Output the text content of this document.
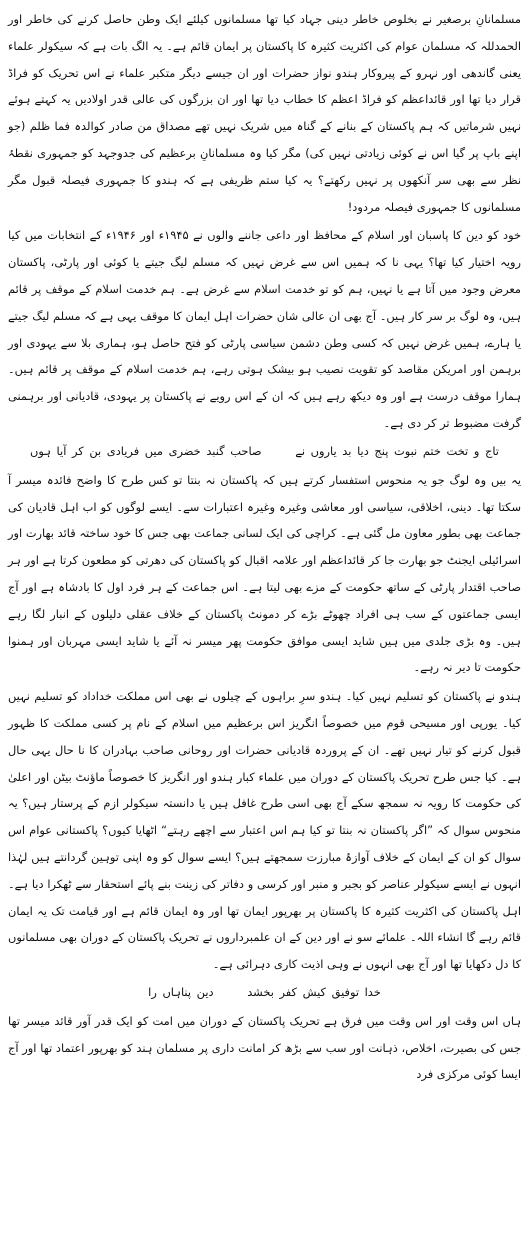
مسلمانانِ برصغیر نے بخلوص خاطر دینی جہاد کیا تھا مسلمانوں کیلئے ایک وطن حاصل کرنے کی خاطر اور الحمدللہ کہ مسلمان عوام کی اکثریت کثیرہ کا پاکستان پر ایمان قائم ہے۔ یہ الگ بات ہے کہ سیکولر علماء یعنی گاندھی اور نہرو کے پیروکار ہندو نواز حضرات اور ان جیسے دیگر متکبر علماء نے اس تحریک کو فراڈ قرار دیا تھا اور قائداعظم کو فراڈ اعظم کا خطاب دیا تھا اور ان بزرگوں کی عالی قدر اولادیں یہ کہتے ہوئے نہیں شرماتیں کہ ہم پاکستان کے بنانے کے گناہ میں شریک نہیں تھے مصداق من صادر کوالدہ فما ظلم (جو اپنے باپ پر گیا اس نے کوئی زیادتی نہیں کی) مگر کیا وہ مسلمانانِ برعظیم کی جدوجہد کو جمہوری نقطۂ نظر سے بھی سر آنکھوں پر نہیں رکھتے؟ یہ کیا ستم ظریفی ہے کہ ہندو کا جمہوری فیصلہ قبول مگر مسلمانوں کا جمہوری فیصلہ مردود!

خود کو دین کا پاسبان اور اسلام کے محافظ اور داعی جاننے والوں نے ۱۹۴۵ء اور ۱۹۴۶ء کے انتخابات میں کیا رویہ اختیار کیا تھا؟ یہی نا کہ ہمیں اس سے غرض نہیں کہ مسلم لیگ جیتے یا کوئی اور پارٹی، پاکستان معرض وجود میں آتا ہے یا نہیں، ہم کو تو خدمت اسلام سے غرض ہے۔ ہم خدمت اسلام کے موقف پر قائم ہیں، وہ لوگ بر سر کار ہیں۔ آج بھی ان عالی شان حضرات اہل ایمان کا موقف یہی ہے کہ مسلم لیگ جیتے یا ہارے، ہمیں غرض نہیں کہ کسی وطن دشمن سیاسی پارٹی کو فتح حاصل ہو، ہماری بلا سے یہودی اور برہمن اور امریکن مقاصد کو تقویت نصیب ہو بیشک ہوتی رہے، ہم خدمت اسلام کے موقف پر قائم ہیں۔ ہمارا موقف درست ہے اور وہ دیکھ رہے ہیں کہ ان کے اس رویے نے پاکستان پر یہودی، قادیانی اور برہمنی گرفت مضبوط تر کر دی ہے۔

تاج و تخت ختم نبوت پنج دیا بد یاروں نے صاحب گنبد خضری میں فریادی بن کر آیا ہوں

یہ بیں وہ لوگ جو یہ منحوس استفسار کرتے ہیں کہ پاکستان نہ بنتا تو کس طرح کا واضح فائدہ میسر آ سکتا تھا۔ دینی، اخلاقی، سیاسی اور معاشی وغیرہ وغیرہ اعتبارات سے۔ ایسے لوگوں کو اب اہل قادیان کی جماعت بھی بطور معاون مل گئی ہے۔ کراچی کی ایک لسانی جماعت بھی جس کا خود ساختہ قائد بھارت اور اسرائیلی ایجنٹ جو بھارت جا کر قائداعظم اور علامہ اقبال کو پاکستان کی دھرتی کو مطعون کرتا ہے اور ہر صاحب اقتدار پارٹی کے ساتھ حکومت کے مزے بھی لیتا ہے۔ اس جماعت کے ہر فرد اول کا بادشاہ ہے اور آج ایسی جماعتوں کے سب ہی افراد چھوٹے بڑے کر دمونٹ پاکستان کے خلاف عقلی دلیلوں کے انبار لگا رہے ہیں۔ وہ بڑی جلدی میں ہیں شاید ایسی موافق حکومت پھر میسر نہ آئے یا شاید ایسی مہربان اور ہمنوا حکومت تا دیر نہ رہے۔

ہندو نے پاکستان کو تسلیم نہیں کیا۔ ہندو سرِ براہوں کے چیلوں نے بھی اس مملکت خداداد کو تسلیم نہیں کیا۔ یورپی اور مسیحی قوم میں خصوصاً انگریز اس برعظیم میں اسلام کے نام پر کسی مملکت کا ظہور قبول کرنے کو تیار نہیں تھے۔ ان کے پروردہ قادیانی حضرات اور روحانی صاحب بہادران کا نا حال یہی حال ہے۔ کیا جس طرح تحریک پاکستان کے دوران میں علماء کبار ہندو اور انگریز کا خصوصاً ماؤنٹ بیٹن اور اعلیٰ کی حکومت کا رویہ نہ سمجھ سکے آج بھی اسی طرح غافل ہیں یا دانستہ سیکولر ازم کے پرستار ہیں؟ یہ منحوس سوال کہ ”اگر پاکستان نہ بنتا تو کیا ہم اس اعتبار سے اچھے رہتے“ اٹھایا کیوں؟ پاکستانی عوام اس سوال کو ان کے ایمان کے خلاف آوازۂ مبارزت سمجھتے ہیں؟ ایسے سوال کو وہ اپنی توہین گردانتے ہیں لہٰذا انہوں نے ایسے سیکولر عناصر کو بجبر و منبر اور کرسی و دفاتر کی زینت بنے پائے استحقار سے ٹھکرا دیا ہے۔ اہل پاکستان کی اکثریت کثیرہ کا پاکستان پر بھرپور ایمان تھا اور وہ ایمان قائم ہے اور قیامت تک یہ ایمان قائم رہے گا انشاء اللہ۔ علمائے سو نے اور دین کے ان علمبرداروں نے تحریک پاکستان کے دوران بھی مسلمانوں کا دل دکھایا تھا اور آج بھی انہوں نے وہی اذیت کاری دہرائی ہے۔

خدا توفیق کیش کفر بخشد دین پناہاں را

ہاں اس وقت اور اس وقت میں فرق ہے تحریک پاکستان کے دوران میں امت کو ایک قدر آور قائد میسر تھا جس کی بصیرت، اخلاص، ذہانت اور سب سے بڑھ کر امانت داری پر مسلمان ہند کو بھرپور اعتماد تھا اور آج ایسا کوئی مرکزی فرد
